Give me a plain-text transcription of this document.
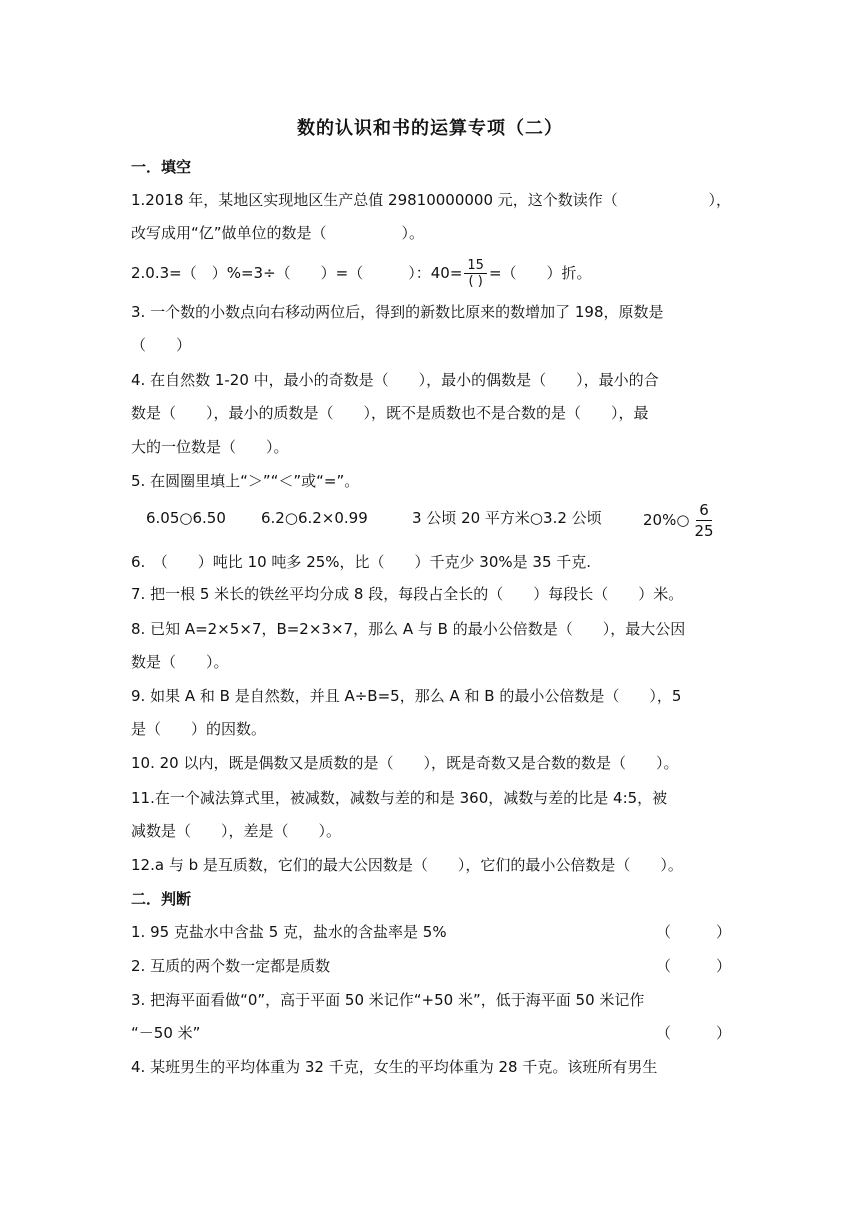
数的认识和书的运算专项（二）
一．填空
1.2018 年，某地区实现地区生产总值 29810000000 元，这个数读作（	），
改写成用“亿”做单位的数是（　　　　　）。
2.0.3=（　）%=3÷（　　）=（　　　）：$40= \frac{15}{( )}$ =（　　）折。
3. 一个数的小数点向右移动两位后，得到的新数比原来的数增加了 198，原数是
（　　）
4. 在自然数 1-20 中，最小的奇数是（　　），最小的偶数是（　　），最小的合
数是（　　），最小的质数是（　　），既不是质数也不是合数的是（　　），最
大的一位数是（　　）。
5. 在圆圈里填上“＞”“＜”或“=”。
6.05○6.50 6.2○6.2×0.99	3 公顷 20 平方米○3.2 公顷	20%○ $\frac{6}{25}$
6.　（　　）吨比 10 吨多 25%，比（　　）千克少 30%是 35 千克.
7. 把一根 5 米长的铁丝平均分成 8 段，每段占全长的（　　）每段长（　　）米。
8. 已知 A=2×5×7，B=2×3×7，那么 A 与 B 的最小公倍数是（　　），最大公因
数是（　　）。
9. 如果 A 和 B 是自然数，并且 A÷B=5，那么 A 和 B 的最小公倍数是（　　），5
是（　　）的因数。
10. 20 以内，既是偶数又是质数的是（　　），既是奇数又是合数的数是（　　）。
11.在一个减法算式里，被减数，减数与差的和是 360，减数与差的比是 4:5，被
减数是（　　），差是（　　）。
12.a 与 b 是互质数，它们的最大公因数是（　　），它们的最小公倍数是（　　）。
二．判断
1. 95 克盐水中含盐 5 克，盐水的含盐率是 5%	（　　　）
2. 互质的两个数一定都是质数	（　　　）
3. 把海平面看做“0”，高于平面 50 米记作“+50 米”，低于海平面 50 米记作
“－50 米”	（　　　）
4. 某班男生的平均体重为 32 千克，女生的平均体重为 28 千克。该班所有男生
